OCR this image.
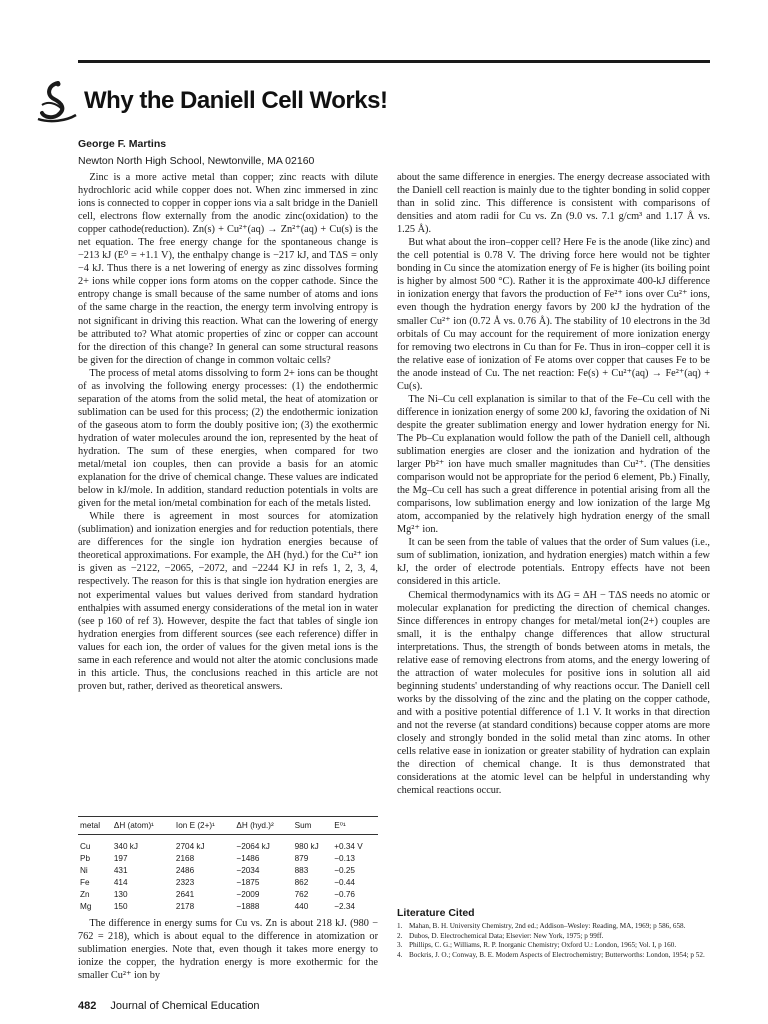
Why the Daniell Cell Works!
George F. Martins
Newton North High School, Newtonville, MA 02160

Zinc is a more active metal than copper; zinc reacts with dilute hydrochloric acid while copper does not. When zinc immersed in zinc ions is connected to copper in copper ions via a salt bridge in the Daniell cell, electrons flow externally from the anodic zinc(oxidation) to the copper cathode(reduction). Zn(s) + Cu²⁺(aq) → Zn²⁺(aq) + Cu(s) is the net equation. The free energy change for the spontaneous change is −213 kJ (E⁰ = +1.1 V), the enthalpy change is −217 kJ, and TΔS = only −4 kJ. Thus there is a net lowering of energy as zinc dissolves forming 2+ ions while copper ions form atoms on the copper cathode. Since the entropy change is small because of the same number of atoms and ions of the same charge in the reaction, the energy term involving entropy is not significant in driving this reaction. What can the lowering of energy be attributed to? What atomic properties of zinc or copper can account for the direction of this change? In general can some structural reasons be given for the direction of change in common voltaic cells?

The process of metal atoms dissolving to form 2+ ions can be thought of as involving the following energy processes: (1) the endothermic separation of the atoms from the solid metal, the heat of atomization or sublimation can be used for this process; (2) the endothermic ionization of the gaseous atom to form the doubly positive ion; (3) the exothermic hydration of water molecules around the ion, represented by the heat of hydration. The sum of these energies, when compared for two metal/metal ion couples, then can provide a basis for an atomic explanation for the drive of chemical change. These values are indicated below in kJ/mole. In addition, standard reduction potentials in volts are given for the metal ion/metal combination for each of the metals listed.

While there is agreement in most sources for atomization (sublimation) and ionization energies and for reduction potentials, there are differences for the single ion hydration energies because of theoretical approximations. For example, the ΔH (hyd.) for the Cu²⁺ ion is given as −2122, −2065, −2072, and −2244 KJ in refs 1, 2, 3, 4, respectively. The reason for this is that single ion hydration energies are not experimental values but values derived from standard hydration enthalpies with assumed energy considerations of the metal ion in water (see p 160 of ref 3). However, despite the fact that tables of single ion hydration energies from different sources (see each reference) differ in values for each ion, the order of values for the given metal ions is the same in each reference and would not alter the atomic conclusions made in this article. Thus, the conclusions reached in this article are not proven but, rather, derived as theoretical answers.

metal	ΔH (atom)¹	Ion E (2+)¹	ΔH (hyd.)²	Sum	E⁰¹
Cu	340 kJ	2704 kJ	−2064 kJ	980 kJ	+0.34 V
Pb	197	2168	−1486	879	−0.13
Ni	431	2486	−2034	883	−0.25
Fe	414	2323	−1875	862	−0.44
Zn	130	2641	−2009	762	−0.76
Mg	150	2178	−1888	440	−2.34

The difference in energy sums for Cu vs. Zn is about 218 kJ. (980 − 762 = 218), which is about equal to the difference in atomization or sublimation energies. Note that, even though it takes more energy to ionize the copper, the hydration energy is more exothermic for the smaller Cu²⁺ ion by

about the same difference in energies. The energy decrease associated with the Daniell cell reaction is mainly due to the tighter bonding in solid copper than in solid zinc. This difference is consistent with comparisons of densities and atom radii for Cu vs. Zn (9.0 vs. 7.1 g/cm³ and 1.17 Å vs. 1.25 Å).

But what about the iron–copper cell? Here Fe is the anode (like zinc) and the cell potential is 0.78 V. The driving force here would not be tighter bonding in Cu since the atomization energy of Fe is higher (its boiling point is higher by almost 500 °C). Rather it is the approximate 400-kJ difference in ionization energy that favors the production of Fe²⁺ ions over Cu²⁺ ions, even though the hydration energy favors by 200 kJ the hydration of the smaller Cu²⁺ ion (0.72 Å vs. 0.76 Å). The stability of 10 electrons in the 3d orbitals of Cu may account for the requirement of more ionization energy for removing two electrons in Cu than for Fe. Thus in iron–copper cell it is the relative ease of ionization of Fe atoms over copper that causes Fe to be the anode instead of Cu. The net reaction: Fe(s) + Cu²⁺(aq) → Fe²⁺(aq) + Cu(s).

The Ni–Cu cell explanation is similar to that of the Fe–Cu cell with the difference in ionization energy of some 200 kJ, favoring the oxidation of Ni despite the greater sublimation energy and lower hydration energy for Ni. The Pb–Cu explanation would follow the path of the Daniell cell, although sublimation energies are closer and the ionization and hydration of the larger Pb²⁺ ion have much smaller magnitudes than Cu²⁺. (The densities comparison would not be appropriate for the period 6 element, Pb.) Finally, the Mg–Cu cell has such a great difference in potential arising from all the comparisons, low sublimation energy and low ionization of the large Mg atom, accompanied by the relatively high hydration energy of the small Mg²⁺ ion.

It can be seen from the table of values that the order of Sum values (i.e., sum of sublimation, ionization, and hydration energies) match within a few kJ, the order of electrode potentials. Entropy effects have not been considered in this article.

Chemical thermodynamics with its ΔG = ΔH − TΔS needs no atomic or molecular explanation for predicting the direction of chemical changes. Since differences in entropy changes for metal/metal ion(2+) couples are small, it is the enthalpy change differences that allow structural interpretations. Thus, the strength of bonds between atoms in metals, the relative ease of removing electrons from atoms, and the energy lowering of the attraction of water molecules for positive ions in solution all aid beginning students' understanding of why reactions occur. The Daniell cell works by the dissolving of the zinc and the plating on the copper cathode, and with a positive potential difference of 1.1 V. It works in that direction and not the reverse (at standard conditions) because copper atoms are more closely and strongly bonded in the solid metal than zinc atoms. In other cells relative ease in ionization or greater stability of hydration can explain the direction of chemical change. It is thus demonstrated that considerations at the atomic level can be helpful in understanding why chemical reactions occur.

Literature Cited
1. Mahan, B. H. University Chemistry, 2nd ed.; Addison–Wesley: Reading, MA, 1969; p 586, 658.
2. Dubos, D. Electrochemical Data; Elsevier: New York, 1975; p 99ff.
3. Phillips, C. G.; Williams, R. P. Inorganic Chemistry; Oxford U.: London, 1965; Vol. I, p 160.
4. Bockris, J. O.; Conway, B. E. Modern Aspects of Electrochemistry; Butterworths: London, 1954; p 52.
482 Journal of Chemical Education
